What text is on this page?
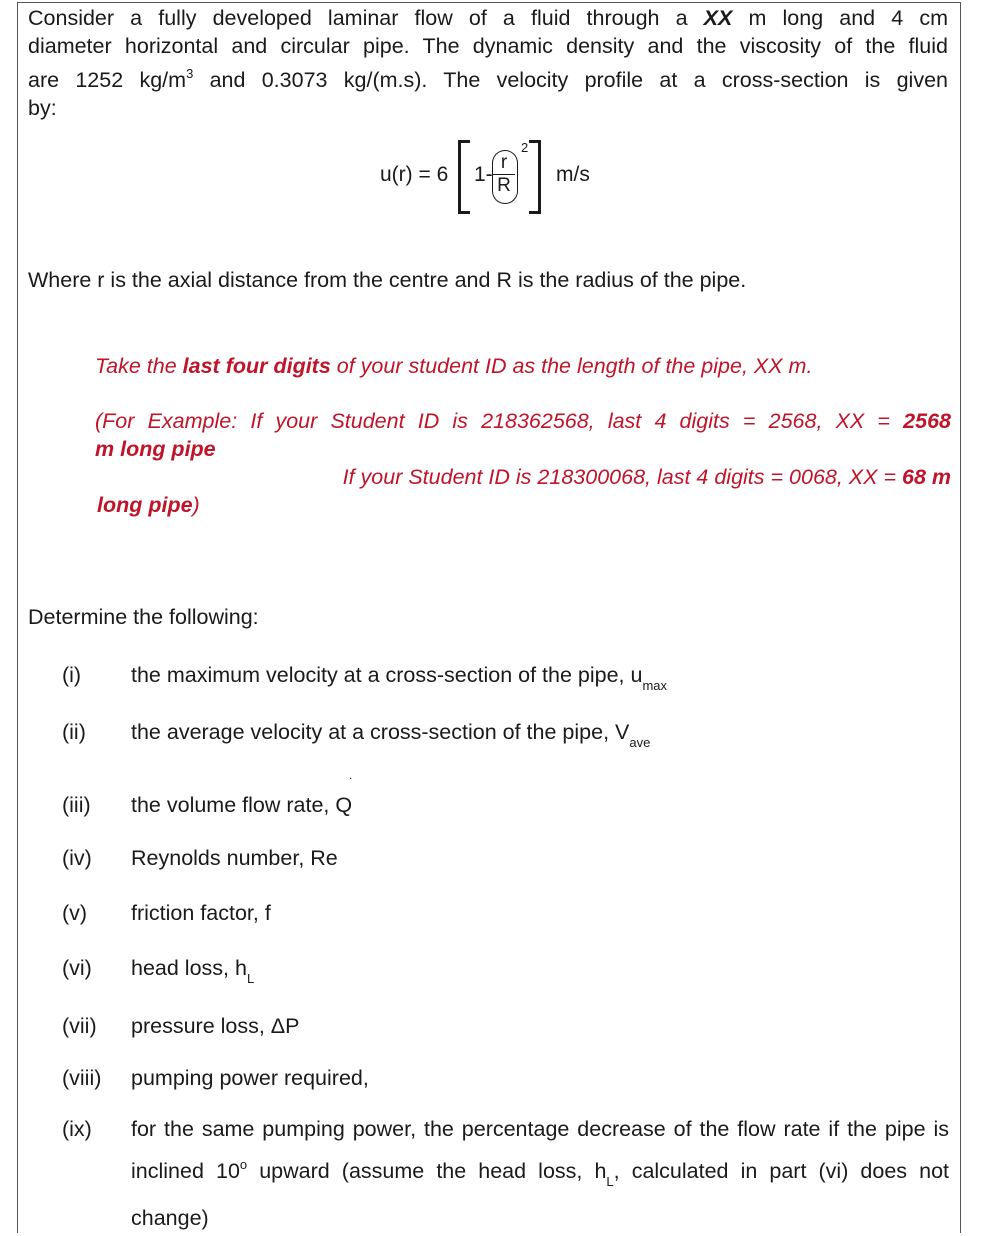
Consider a fully developed laminar flow of a fluid through a XX m long and 4 cm
diameter horizontal and circular pipe. The dynamic density and the viscosity of the fluid
are 1252 $kg/m^3$ and 0.3073 kg/(m.s). The velocity profile at a cross-section is given
by:
u(r) = 6 $1- \frac{r}{R}$
2
m/s
Where r is the axial distance from the centre and R is the radius of the pipe.
Take the last four digits of your student ID as the length of the pipe, XX m.
(For Example: If your Student ID is 218362568, last 4 digits = 2568, XX = 2568
m long pipe
If your Student ID is 218300068, last 4 digits = 0068, XX = 68 m
long pipe)
Determine the following:
(i) the maximum velocity at a cross-section of the pipe, $u_{max}$
(ii) the average velocity at a cross-section of the pipe, $V_{ave}$
.
(iii) the volume flow rate, Q
(iv) Reynolds number, Re
(v) friction factor, f
(vi) head loss, $h_L$
(vii) pressure loss, ΔP
(viii) pumping power required,
(ix) for the same pumping power, the percentage decrease of the flow rate if the pipe is inclined 10$^o$ upward (assume the head loss, $h_L$, calculated in part (vi) does not change)
